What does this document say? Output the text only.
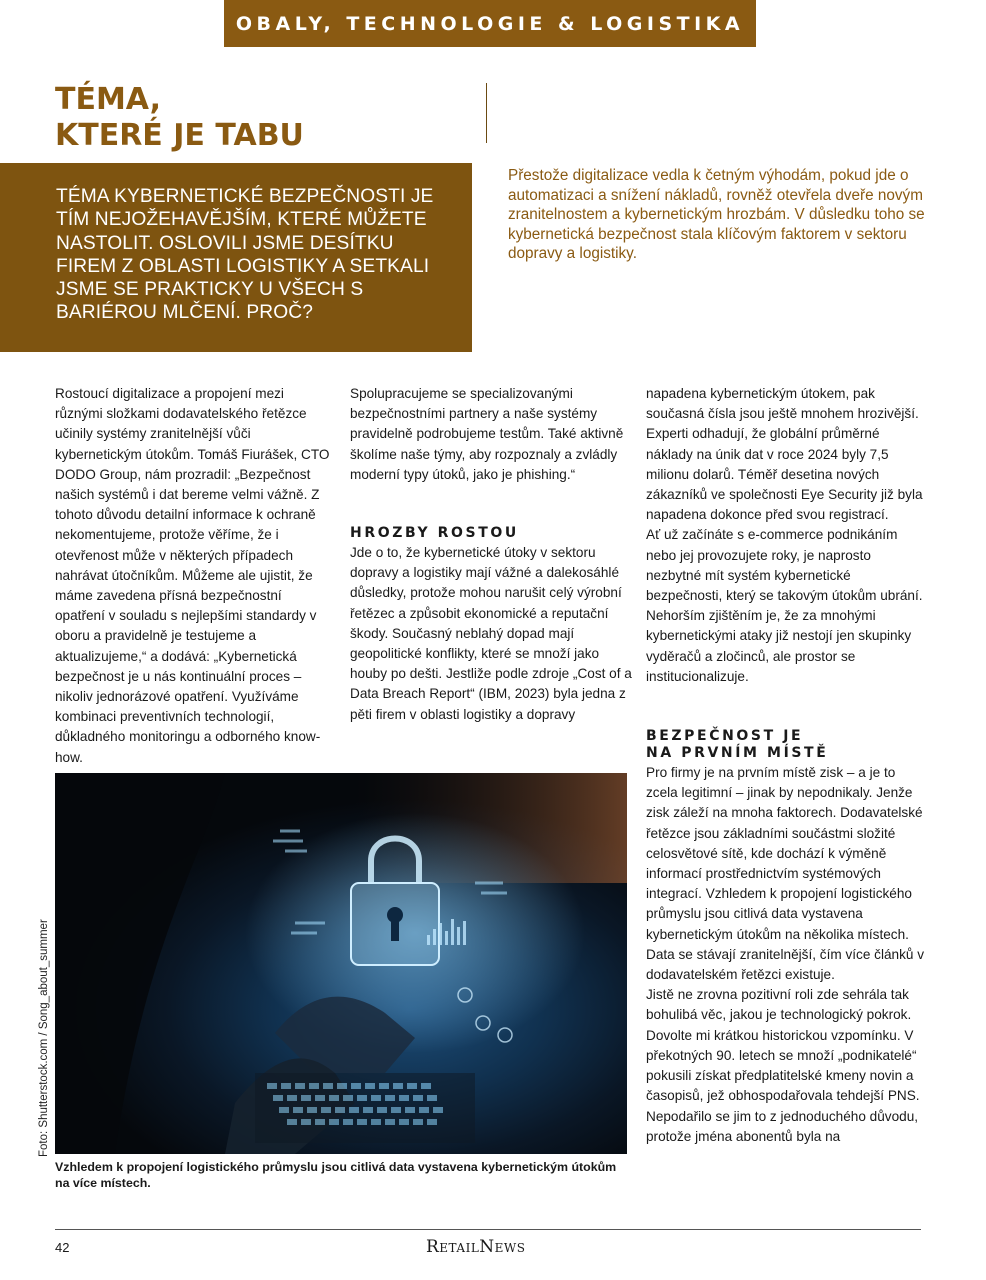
OBALY, TECHNOLOGIE & LOGISTIKA
TÉMA,
KTERÉ JE TABU

TÉMA KYBERNETICKÉ BEZPEČNOSTI JE TÍM NEJOŽEHAVĚJŠÍM, KTERÉ MŮŽETE NASTOLIT. OSLOVILI JSME DESÍTKU FIREM Z OBLASTI LOGISTIKY A SETKALI JSME SE PRAKTICKY U VŠECH S BARIÉROU MLČENÍ. PROČ?

Přestože digitalizace vedla k četným výhodám, pokud jde o automatizaci a snížení nákladů, rovněž otevřela dveře novým zranitelnostem a kybernetickým hrozbám. V důsledku toho se kybernetická bezpečnost stala klíčovým faktorem v sektoru dopravy a logistiky.

Rostoucí digitalizace a propojení mezi různými složkami dodavatelského řetězce učinily systémy zranitelnější vůči kybernetickým útokům. Tomáš Fiurášek, CTO DODO Group, nám prozradil: „Bezpečnost našich systémů i dat bereme velmi vážně. Z tohoto důvodu detailní informace k ochraně nekomentujeme, protože věříme, že i otevřenost může v některých případech nahrávat útočníkům. Můžeme ale ujistit, že máme zavedena přísná bezpečnostní opatření v souladu s nejlepšími standardy v oboru a pravidelně je testujeme a aktualizujeme,“ a dodává: „Kybernetická bezpečnost je u nás kontinuální proces – nikoliv jednorázové opatření. Využíváme kombinaci preventivních technologií, důkladného monitoringu a odborného know-how.

Spolupracujeme se specializovanými bezpečnostními partnery a naše systémy pravidelně podrobujeme testům. Také aktivně školíme naše týmy, aby rozpoznaly a zvládly moderní typy útoků, jako je phishing.“

HROZBY ROSTOU

Jde o to, že kybernetické útoky v sektoru dopravy a logistiky mají vážné a dalekosáhlé důsledky, protože mohou narušit celý výrobní řetězec a způsobit ekonomické a reputační škody. Současný neblahý dopad mají geopolitické konflikty, které se množí jako houby po dešti. Jestliže podle zdroje „Cost of a Data Breach Report“ (IBM, 2023) byla jedna z pěti firem v oblasti logistiky a dopravy

napadena kybernetickým útokem, pak současná čísla jsou ještě mnohem hrozivější. Experti odhadují, že globální průměrné náklady na únik dat v roce 2024 byly 7,5 milionu dolarů. Téměř desetina nových zákazníků ve společnosti Eye Security již byla napadena dokonce před svou registrací.

Ať už začínáte s e-commerce podnikáním nebo jej provozujete roky, je naprosto nezbytné mít systém kybernetické bezpečnosti, který se takovým útokům ubrání. Nehorším zjištěním je, že za mnohými kybernetickými ataky již nestojí jen skupinky vyděračů a zločinců, ale prostor se institucionalizuje.

BEZPEČNOST JE
NA PRVNÍM MÍSTĚ

Pro firmy je na prvním místě zisk – a je to zcela legitimní – jinak by nepodnikaly. Jenže zisk záleží na mnoha faktorech. Dodavatelské řetězce jsou základními součástmi složité celosvětové sítě, kde dochází k výměně informací prostřednictvím systémových integrací. Vzhledem k propojení logistického průmyslu jsou citlivá data vystavena kybernetickým útokům na několika místech. Data se stávají zranitelnější, čím více článků v dodavatelském řetězci existuje.

Jistě ne zrovna pozitivní roli zde sehrála tak bohulibá věc, jakou je technologický pokrok. Dovolte mi krátkou historickou vzpomínku. V překotných 90. letech se množí „podnikatelé“ pokusili získat předplatitelské kmeny novin a časopisů, jež obhospodařovala tehdejší PNS. Nepodařilo se jim to z jednoduchého důvodu, protože jména abonentů byla na

Foto: Shutterstock.com / Song_about_summer

Vzhledem k propojení logistického průmyslu jsou citlivá data vystavena kybernetickým útokům na více místech.

42	RetailNews
